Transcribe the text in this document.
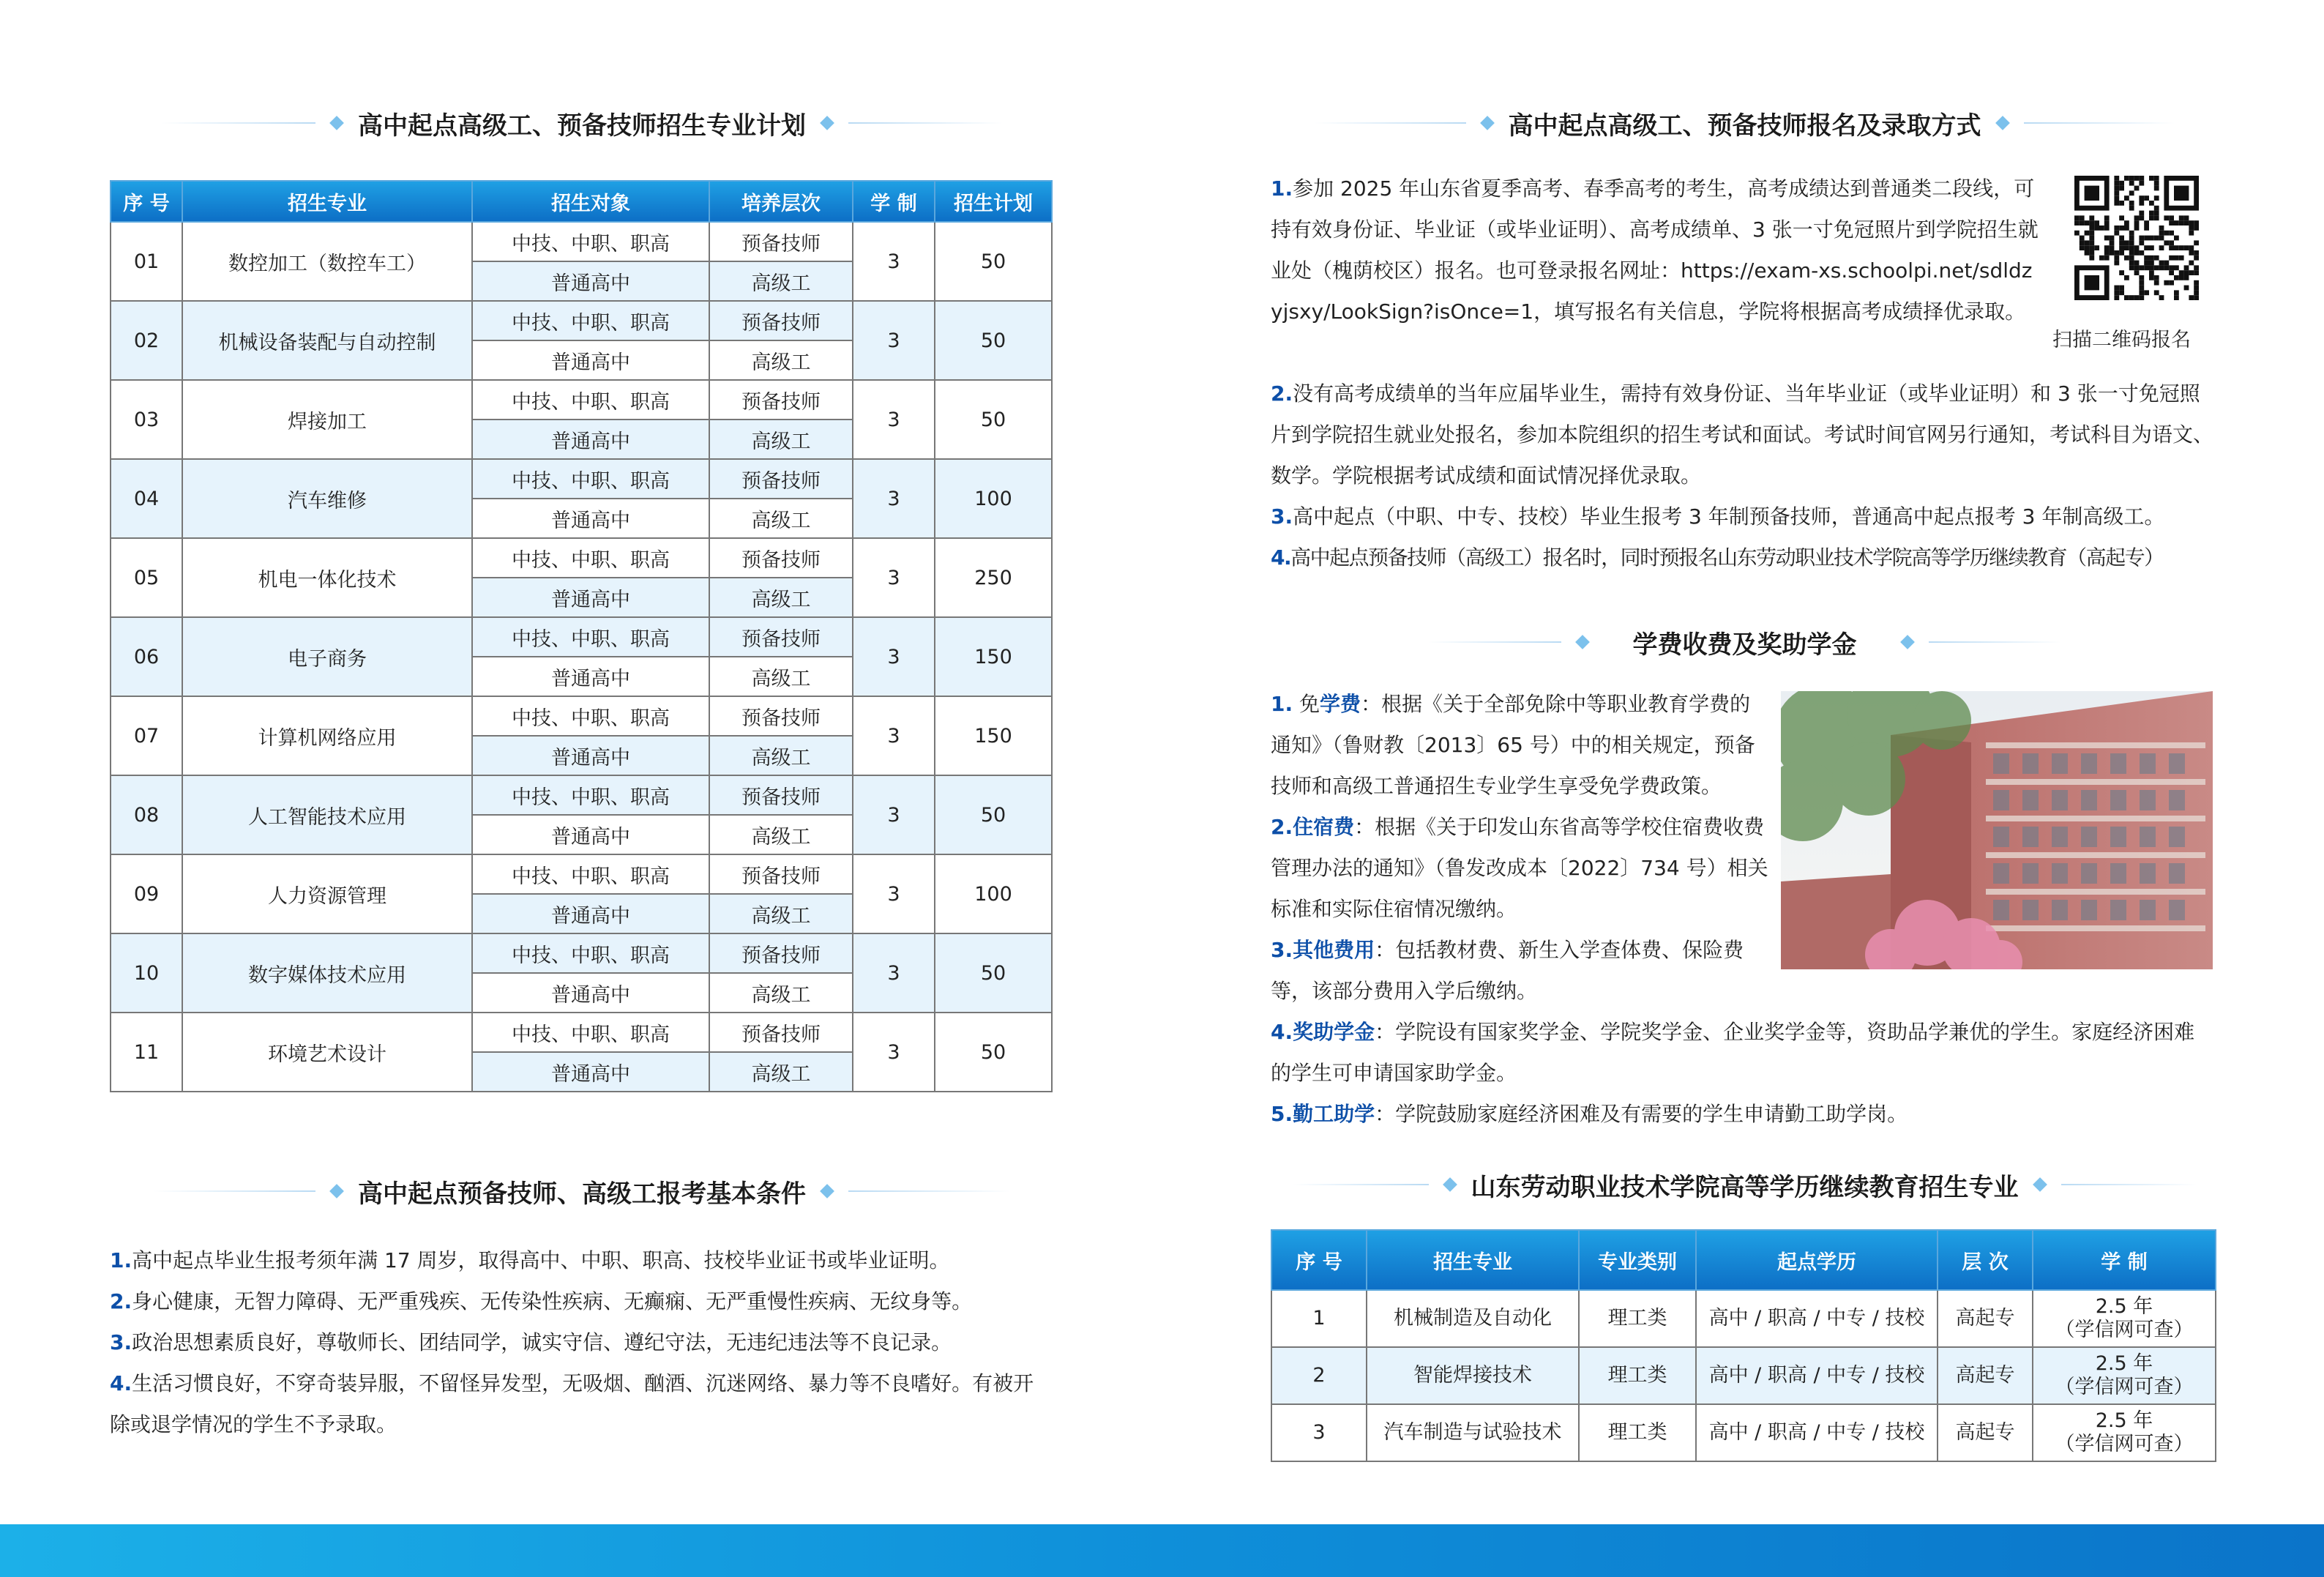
高中起点高级工、预备技师招生专业计划
序 号	招生专业	招生对象	培养层次	学 制	招生计划
01	数控加工（数控车工）	中技、中职、职高	预备技师	3	50
		普通高中	高级工		
02	机械设备装配与自动控制	中技、中职、职高	预备技师	3	50
		普通高中	高级工		
03	焊接加工	中技、中职、职高	预备技师	3	50
		普通高中	高级工		
04	汽车维修	中技、中职、职高	预备技师	3	100
		普通高中	高级工		
05	机电一体化技术	中技、中职、职高	预备技师	3	250
		普通高中	高级工		
06	电子商务	中技、中职、职高	预备技师	3	150
		普通高中	高级工		
07	计算机网络应用	中技、中职、职高	预备技师	3	150
		普通高中	高级工		
08	人工智能技术应用	中技、中职、职高	预备技师	3	50
		普通高中	高级工		
09	人力资源管理	中技、中职、职高	预备技师	3	100
		普通高中	高级工		
10	数字媒体技术应用	中技、中职、职高	预备技师	3	50
		普通高中	高级工		
11	环境艺术设计	中技、中职、职高	预备技师	3	50
		普通高中	高级工		
高中起点预备技师、高级工报考基本条件

1.高中起点毕业生报考须年满 17 周岁，取得高中、中职、职高、技校毕业证书或毕业证明。

2.身心健康，无智力障碍、无严重残疾、无传染性疾病、无癫痫、无严重慢性疾病、无纹身等。

3.政治思想素质良好，尊敬师长、团结同学，诚实守信、遵纪守法，无违纪违法等不良记录。

4.生活习惯良好，不穿奇装异服，不留怪异发型，无吸烟、酗酒、沉迷网络、暴力等不良嗜好。有被开除或退学情况的学生不予录取。

高中起点高级工、预备技师报名及录取方式

1.参加 2025 年山东省夏季高考、春季高考的考生，高考成绩达到普通类二段线，可持有效身份证、毕业证（或毕业证明）、高考成绩单、3 张一寸免冠照片到学院招生就业处（槐荫校区）报名。也可登录报名网址：https://exam-xs.schoolpi.net/sdldzyjsxy/LookSign?isOnce=1，填写报名有关信息，学院将根据高考成绩择优录取。

扫描二维码报名

2.没有高考成绩单的当年应届毕业生，需持有效身份证、当年毕业证（或毕业证明）和 3 张一寸免冠照片到学院招生就业处报名，参加本院组织的招生考试和面试。考试时间官网另行通知，考试科目为语文、数学。学院根据考试成绩和面试情况择优录取。

3.高中起点（中职、中专、技校）毕业生报考 3 年制预备技师，普通高中起点报考 3 年制高级工。

4.高中起点预备技师（高级工）报名时，同时预报名山东劳动职业技术学院高等学历继续教育（高起专）

学费收费及奖助学金

1. 免学费：根据《关于全部免除中等职业教育学费的通知》（鲁财教〔2013〕65 号）中的相关规定，预备技师和高级工普通招生专业学生享受免学费政策。

2.住宿费：根据《关于印发山东省高等学校住宿费收费管理办法的通知》（鲁发改成本〔2022〕734 号）相关标准和实际住宿情况缴纳。

3.其他费用：包括教材费、新生入学查体费、保险费等，该部分费用入学后缴纳。

4.奖助学金：学院设有国家奖学金、学院奖学金、企业奖学金等，资助品学兼优的学生。家庭经济困难的学生可申请国家助学金。

5.勤工助学：学院鼓励家庭经济困难及有需要的学生申请勤工助学岗。

山东劳动职业技术学院高等学历继续教育招生专业
序 号	招生专业	专业类别	起点学历	层 次	学 制
1	机械制造及自动化	理工类	高中 / 职高 / 中专 / 技校	高起专	2.5 年
（学信网可查）

2	智能焊接技术	理工类	高中 / 职高 / 中专 / 技校	高起专	2.5 年
（学信网可查）

3	汽车制造与试验技术	理工类	高中 / 职高 / 中专 / 技校	高起专	2.5 年
（学信网可查）
